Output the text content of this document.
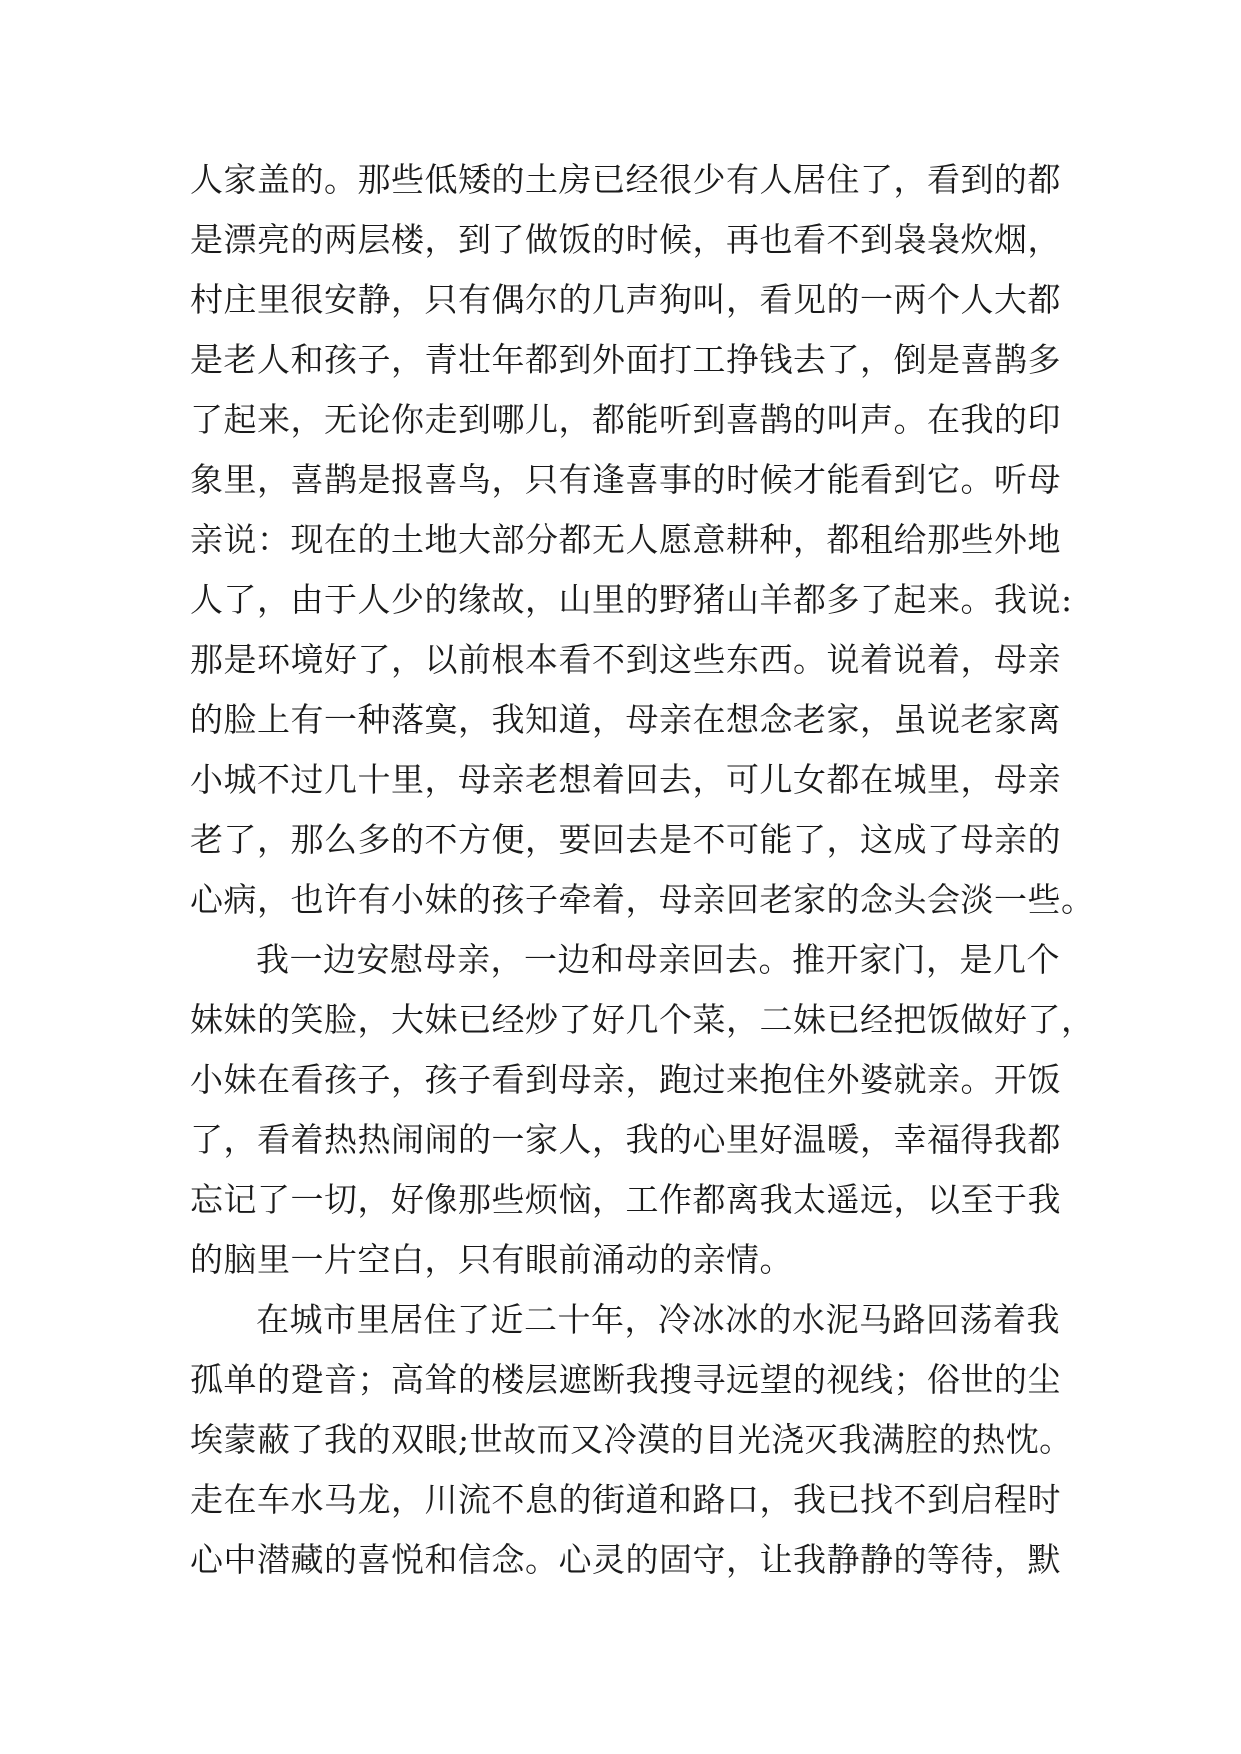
人家盖的。那些低矮的土房已经很少有人居住了，看到的都
是漂亮的两层楼，到了做饭的时候，再也看不到袅袅炊烟，
村庄里很安静，只有偶尔的几声狗叫，看见的一两个人大都
是老人和孩子，青壮年都到外面打工挣钱去了，倒是喜鹊多
了起来，无论你走到哪儿，都能听到喜鹊的叫声。在我的印
象里，喜鹊是报喜鸟，只有逢喜事的时候才能看到它。听母
亲说：现在的土地大部分都无人愿意耕种，都租给那些外地
人了，由于人少的缘故，山里的野猪山羊都多了起来。我说:
那是环境好了，以前根本看不到这些东西。说着说着，母亲
的脸上有一种落寞，我知道，母亲在想念老家，虽说老家离
小城不过几十里，母亲老想着回去，可儿女都在城里，母亲
老了，那么多的不方便，要回去是不可能了，这成了母亲的
心病，也许有小妹的孩子牵着，母亲回老家的念头会淡一些。
我一边安慰母亲，一边和母亲回去。推开家门，是几个
妹妹的笑脸，大妹已经炒了好几个菜，二妹已经把饭做好了，
小妹在看孩子，孩子看到母亲，跑过来抱住外婆就亲。开饭
了，看着热热闹闹的一家人，我的心里好温暖，幸福得我都
忘记了一切，好像那些烦恼，工作都离我太遥远，以至于我
的脑里一片空白，只有眼前涌动的亲情。
在城市里居住了近二十年，冷冰冰的水泥马路回荡着我
孤单的跫音；高耸的楼层遮断我搜寻远望的视线；俗世的尘
埃蒙蔽了我的双眼;世故而又冷漠的目光浇灭我满腔的热忱。
走在车水马龙，川流不息的街道和路口，我已找不到启程时
心中潜藏的喜悦和信念。心灵的固守，让我静静的等待，默
